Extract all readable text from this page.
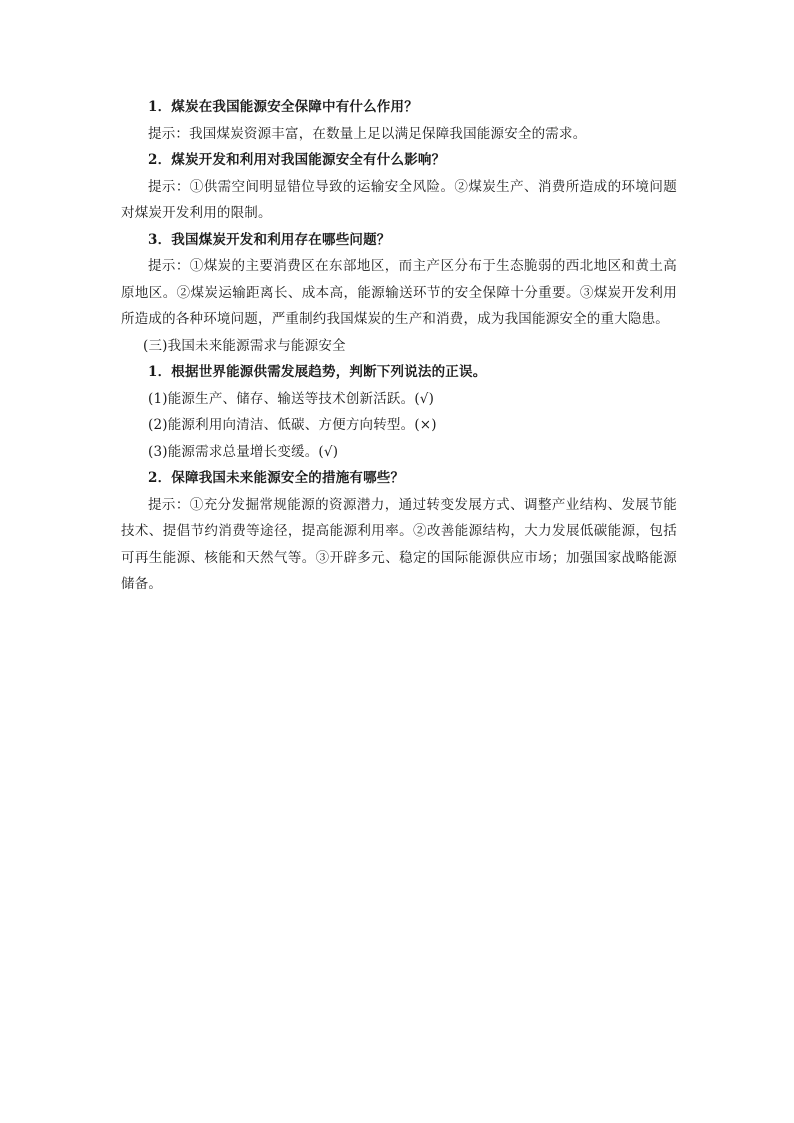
1．煤炭在我国能源安全保障中有什么作用？

提示：我国煤炭资源丰富，在数量上足以满足保障我国能源安全的需求。

2．煤炭开发和利用对我国能源安全有什么影响？

提示：①供需空间明显错位导致的运输安全风险。②煤炭生产、消费所造成的环境问题对煤炭开发利用的限制。

3．我国煤炭开发和利用存在哪些问题？

提示：①煤炭的主要消费区在东部地区，而主产区分布于生态脆弱的西北地区和黄土高原地区。②煤炭运输距离长、成本高，能源输送环节的安全保障十分重要。③煤炭开发利用所造成的各种环境问题，严重制约我国煤炭的生产和消费，成为我国能源安全的重大隐患。

(三)我国未来能源需求与能源安全

1．根据世界能源供需发展趋势，判断下列说法的正误。

(1)能源生产、储存、输送等技术创新活跃。(√)

(2)能源利用向清洁、低碳、方便方向转型。(×)

(3)能源需求总量增长变缓。(√)

2．保障我国未来能源安全的措施有哪些？

提示：①充分发掘常规能源的资源潜力，通过转变发展方式、调整产业结构、发展节能技术、提倡节约消费等途径，提高能源利用率。②改善能源结构，大力发展低碳能源，包括可再生能源、核能和天然气等。③开辟多元、稳定的国际能源供应市场；加强国家战略能源储备。
